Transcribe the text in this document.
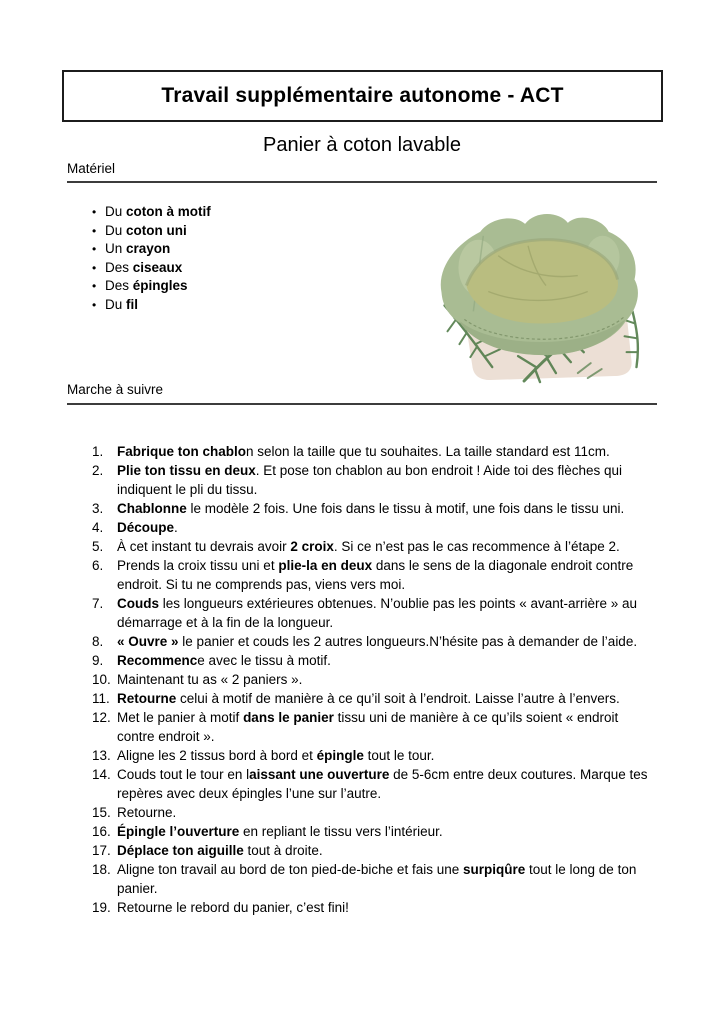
Travail supplémentaire autonome - ACT
Panier à coton lavable
Matériel
• Du coton à motif
• Du coton uni
• Un crayon
• Des ciseaux
• Des épingles
• Du fil
Marche à suivre
1.	Fabrique ton chablon selon la taille que tu souhaites. La taille standard est 11cm.
2.	Plie ton tissu en deux. Et pose ton chablon au bon endroit ! Aide toi des flèches qui indiquent le pli du tissu.
3.	Chablonne le modèle 2 fois. Une fois dans le tissu à motif, une fois dans le tissu uni.
4.	Découpe.
5.	À cet instant tu devrais avoir 2 croix. Si ce n’est pas le cas recommence à l’étape 2.
6.	Prends la croix tissu uni et plie-la en deux dans le sens de la diagonale endroit contre endroit. Si tu ne comprends pas, viens vers moi.
7.	Couds les longueurs extérieures obtenues. N’oublie pas les points « avant-arrière » au démarrage et à la fin de la longueur.
8.	« Ouvre » le panier et couds les 2 autres longueurs.N’hésite pas à demander de l’aide.
9.	Recommence avec le tissu à motif.
10. Maintenant tu as « 2 paniers ».
11. Retourne celui à motif de manière à ce qu’il soit à l’endroit. Laisse l’autre à l’envers.
12. Met le panier à motif dans le panier tissu uni de manière à ce qu’ils soient « endroit contre endroit ».
13. Aligne les 2 tissus bord à bord et épingle tout le tour.
14. Couds tout le tour en laissant une ouverture de 5-6cm entre deux coutures. Marque tes repères avec deux épingles l’une sur l’autre.
15. Retourne.
16. Épingle l’ouverture en repliant le tissu vers l’intérieur.
17. Déplace ton aiguille tout à droite.
18. Aligne ton travail au bord de ton pied-de-biche et fais une surpiqûre tout le long de ton panier.
19. Retourne le rebord du panier, c’est fini!
